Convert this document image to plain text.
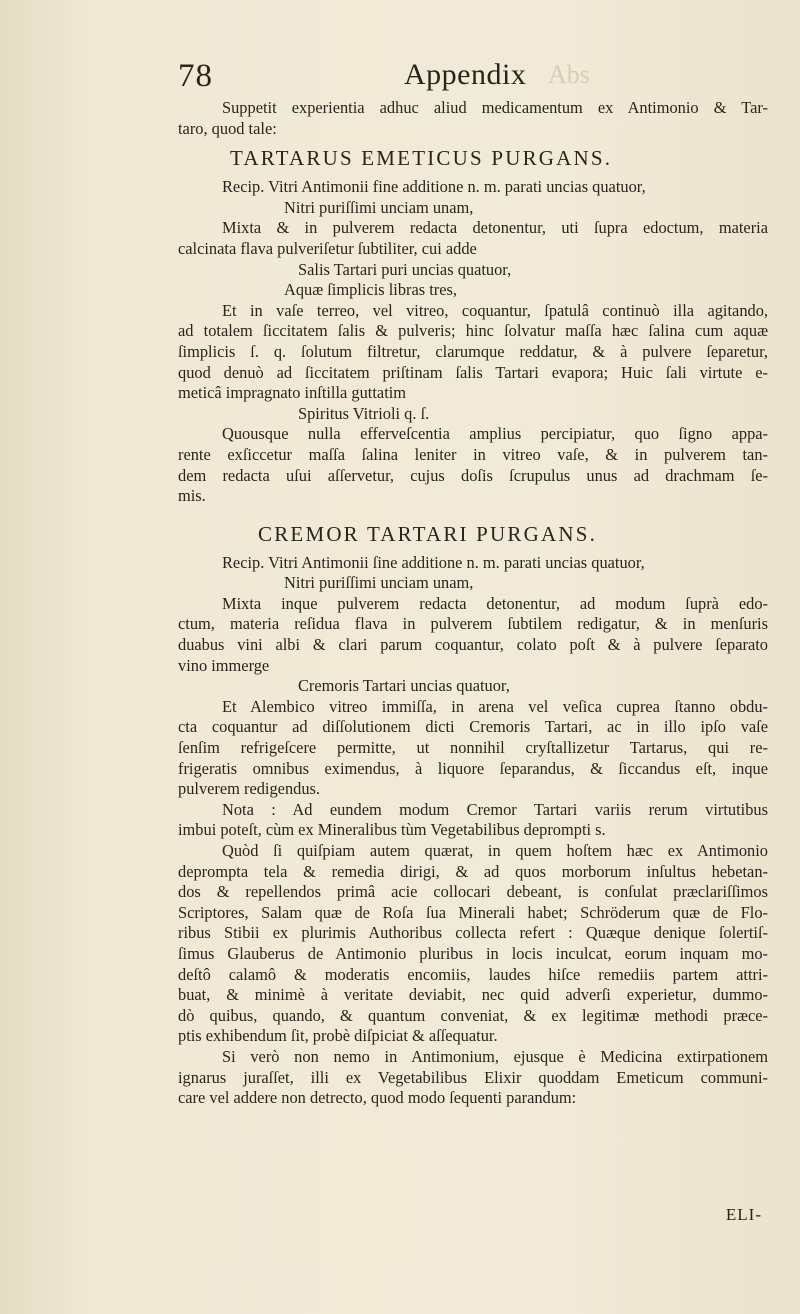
78	Appendix Abs
Suppetit experientia adhuc aliud medicamentum ex Antimonio & Tar-
taro, quod tale:
TARTARUS EMETICUS PURGANS.
Recip. Vitri Antimonii fine additione n. m. parati uncias quatuor,
Nitri puriſſimi unciam unam,
Mixta & in pulverem redacta detonentur, uti ſupra edoctum, materia
calcinata flava pulveriſetur ſubtiliter, cui adde
Salis Tartari puri uncias quatuor,
Aquæ ſimplicis libras tres,
Et in vaſe terreo, vel vitreo, coquantur, ſpatulâ continuò illa agitando,
ad totalem ſiccitatem ſalis & pulveris; hinc ſolvatur maſſa hæc ſalina cum aquæ
ſimplicis ſ. q. ſolutum filtretur, clarumque reddatur, & à pulvere ſeparetur,
quod denuò ad ſiccitatem priſtinam ſalis Tartari evapora; Huic ſali virtute e-
meticâ impragnato inſtilla guttatim
Spiritus Vitrioli q. ſ.
Quousque nulla efferveſcentia amplius percipiatur, quo ſigno appa-
rente exſiccetur maſſa ſalina leniter in vitreo vaſe, & in pulverem tan-
dem redacta uſui aſſervetur, cujus doſis ſcrupulus unus ad drachmam ſe-
mis.
CREMOR TARTARI PURGANS.
Recip. Vitri Antimonii ſine additione n. m. parati uncias quatuor,
Nitri puriſſimi unciam unam,
Mixta inque pulverem redacta detonentur, ad modum ſuprà edo-
ctum, materia reſidua flava in pulverem ſubtilem redigatur, & in menſuris
duabus vini albi & clari parum coquantur, colato poſt & à pulvere ſeparato
vino immerge
Cremoris Tartari uncias quatuor,
Et Alembico vitreo immiſſa, in arena vel veſica cuprea ſtanno obdu-
cta coquantur ad diſſolutionem dicti Cremoris Tartari, ac in illo ipſo vaſe
ſenſim refrigeſcere permitte, ut nonnihil cryſtallizetur Tartarus, qui re-
frigeratis omnibus eximendus, à liquore ſeparandus, & ſiccandus eſt, inque
pulverem redigendus.
Nota : Ad eundem modum Cremor Tartari variis rerum virtutibus
imbui poteſt, cùm ex Mineralibus tùm Vegetabilibus deprompti s.
Quòd ſi quiſpiam autem quærat, in quem hoſtem hæc ex Antimonio
deprompta tela & remedia dirigi, & ad quos morborum inſultus hebetan-
dos & repellendos primâ acie collocari debeant, is conſulat præclariſſimos
Scriptores, Salam quæ de Roſa ſua Minerali habet; Schröderum quæ de Flo-
ribus Stibii ex plurimis Authoribus collecta refert : Quæque denique ſolertiſ-
ſimus Glauberus de Antimonio pluribus in locis inculcat, eorum inquam mo-
deſtô calamô & moderatis encomiis, laudes hiſce remediis partem attri-
buat, & minimè à veritate deviabit, nec quid adverſi experietur, dummo-
dò quibus, quando, & quantum conveniat, & ex legitimæ methodi præce-
ptis exhibendum ſit, probè diſpiciat & aſſequatur.
Si verò non nemo in Antimonium, ejusque è Medicina extirpationem
ignarus juraſſet, illi ex Vegetabilibus Elixir quoddam Emeticum communi-
care vel addere non detrecto, quod modo ſequenti parandum:
ELI-
